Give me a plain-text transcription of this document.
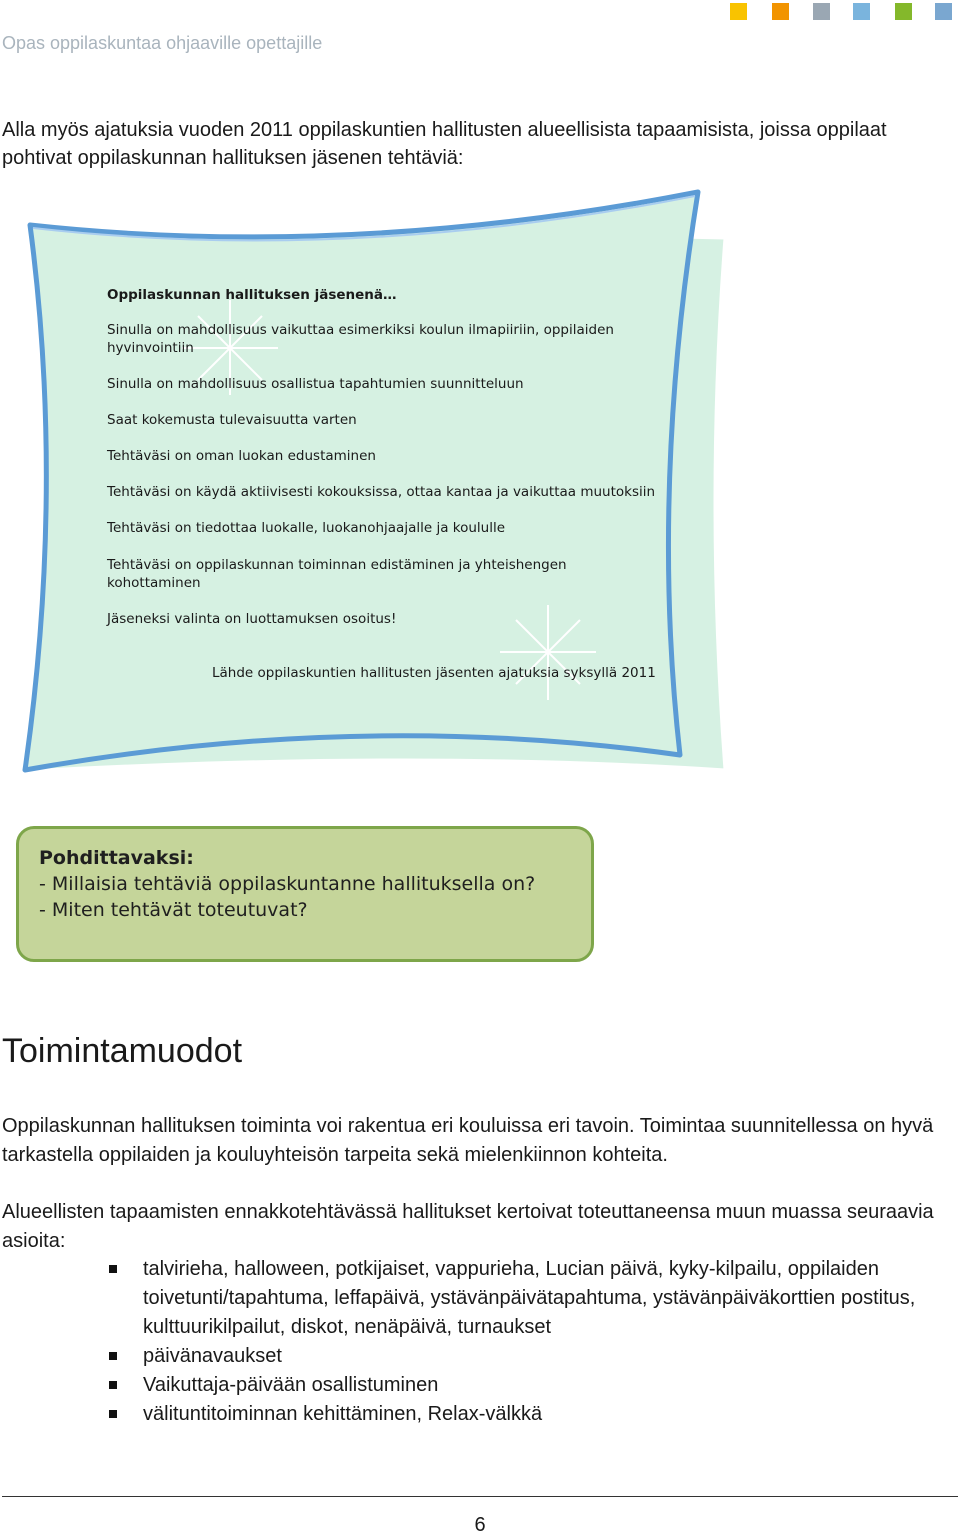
Opas oppilaskuntaa ohjaaville opettajille
Alla myös ajatuksia vuoden 2011 oppilaskuntien hallitusten alueellisista tapaamisista, joissa oppilaat pohtivat oppilaskunnan hallituksen jäsenen tehtäviä:
Oppilaskunnan hallituksen jäsenenä…
Sinulla on mahdollisuus vaikuttaa esimerkiksi koulun ilmapiiriin, oppilaiden hyvinvointiin
Sinulla on mahdollisuus osallistua tapahtumien suunnitteluun
Saat kokemusta tulevaisuutta varten
Tehtäväsi on oman luokan edustaminen
Tehtäväsi on käydä aktiivisesti kokouksissa, ottaa kantaa ja vaikuttaa muutoksiin
Tehtäväsi on tiedottaa luokalle, luokanohjaajalle ja koululle
Tehtäväsi on oppilaskunnan toiminnan edistäminen ja yhteishengen kohottaminen
Jäseneksi valinta on luottamuksen osoitus!
Lähde oppilaskuntien hallitusten jäsenten ajatuksia syksyllä 2011
Pohdittavaksi:
- Millaisia tehtäviä oppilaskuntanne hallituksella on?
- Miten tehtävät toteutuvat?
Toimintamuodot
Oppilaskunnan hallituksen toiminta voi rakentua eri kouluissa eri tavoin. Toimintaa suunnitellessa on hyvä tarkastella oppilaiden ja kouluyhteisön tarpeita sekä mielenkiinnon kohteita.
Alueellisten tapaamisten ennakkotehtävässä hallitukset kertoivat toteuttaneensa muun muassa seuraavia asioita:
talvirieha, halloween, potkijaiset, vappurieha, Lucian päivä, kyky-kilpailu, oppilaiden toivetunti/tapahtuma, leffapäivä, ystävänpäivätapahtuma, ystävänpäiväkorttien postitus, kulttuurikilpailut, diskot, nenäpäivä, turnaukset
päivänavaukset
Vaikuttaja-päivään osallistuminen
välituntitoiminnan kehittäminen, Relax-välkkä
6
